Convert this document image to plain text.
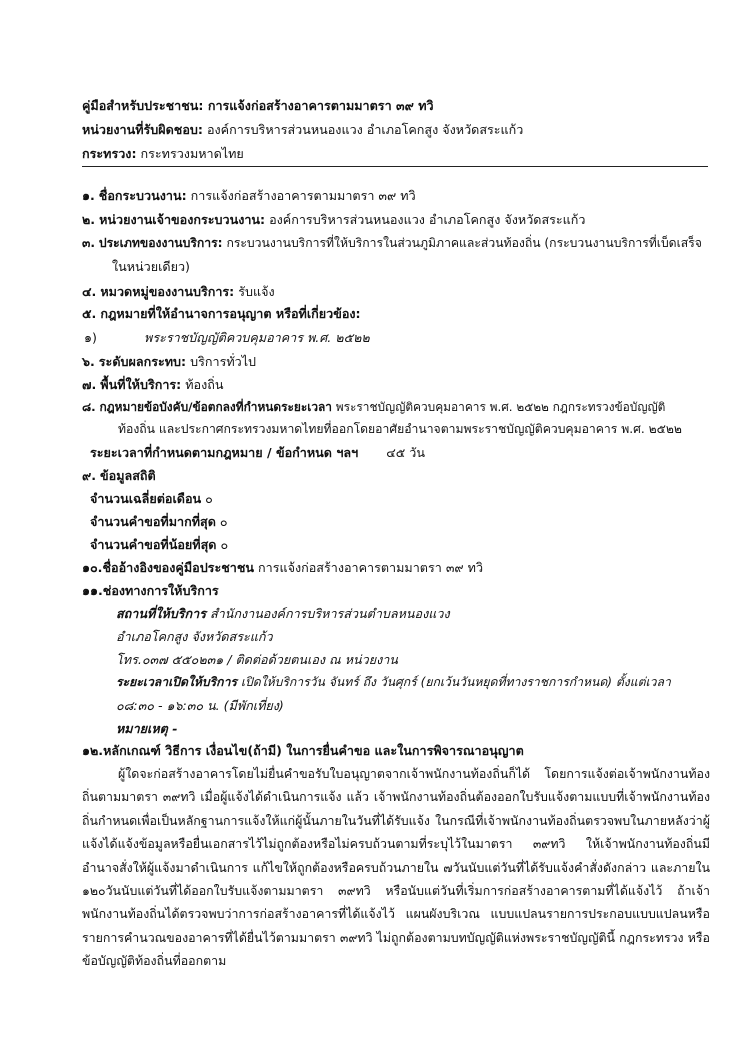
คู่มือสำหรับประชาชน: การแจ้งก่อสร้างอาคารตามมาตรา ๓๙ ทวิ
หน่วยงานที่รับผิดชอบ: องค์การบริหารส่วนหนองแวง อำเภอโคกสูง จังหวัดสระแก้ว
กระทรวง: กระทรวงมหาดไทย
๑. ชื่อกระบวนงาน: การแจ้งก่อสร้างอาคารตามมาตรา ๓๙ ทวิ
๒. หน่วยงานเจ้าของกระบวนงาน: องค์การบริหารส่วนหนองแวง อำเภอโคกสูง จังหวัดสระแก้ว
๓. ประเภทของงานบริการ: กระบวนงานบริการที่ให้บริการในส่วนภูมิภาคและส่วนท้องถิ่น (กระบวนงานบริการที่เบ็ดเสร็จ
ในหน่วยเดียว)
๔. หมวดหมู่ของงานบริการ: รับแจ้ง
๕. กฎหมายที่ให้อำนาจการอนุญาต หรือที่เกี่ยวข้อง:
๑)	พระราชบัญญัติควบคุมอาคาร พ.ศ. ๒๕๒๒
๖. ระดับผลกระทบ: บริการทั่วไป
๗. พื้นที่ให้บริการ: ท้องถิ่น
๘. กฎหมายข้อบังคับ/ข้อตกลงที่กำหนดระยะเวลา พระราชบัญญัติควบคุมอาคาร พ.ศ. ๒๕๒๒ กฎกระทรวงข้อบัญญัติ
ท้องถิ่น และประกาศกระทรวงมหาดไทยที่ออกโดยอาศัยอำนาจตามพระราชบัญญัติควบคุมอาคาร พ.ศ. ๒๕๒๒
ระยะเวลาที่กำหนดตามกฎหมาย / ข้อกำหนด ฯลฯ ๔๕ วัน
๙. ข้อมูลสถิติ
จำนวนเฉลี่ยต่อเดือน ๐
จำนวนคำขอที่มากที่สุด ๐
จำนวนคำขอที่น้อยที่สุด ๐
๑๐.ชื่ออ้างอิงของคู่มือประชาชน การแจ้งก่อสร้างอาคารตามมาตรา ๓๙ ทวิ
๑๑.ช่องทางการให้บริการ
สถานที่ให้บริการ สำนักงานองค์การบริหารส่วนตำบลหนองแวง
อำเภอโคกสูง จังหวัดสระแก้ว
โทร.๐๓๗ ๕๕๐๒๓๑ / ติดต่อด้วยตนเอง ณ หน่วยงาน
ระยะเวลาเปิดให้บริการ เปิดให้บริการวัน จันทร์ ถึง วันศุกร์ (ยกเว้นวันหยุดที่ทางราชการกำหนด) ตั้งแต่เวลา
๐๘:๓๐ - ๑๖:๓๐ น. (มีพักเที่ยง)
หมายเหตุ -
๑๒.หลักเกณฑ์ วิธีการ เงื่อนไข(ถ้ามี) ในการยื่นคำขอ และในการพิจารณาอนุญาต
ผู้ใดจะก่อสร้างอาคารโดยไม่ยื่นคำขอรับใบอนุญาตจากเจ้าพนักงานท้องถิ่นก็ได้ โดยการแจ้งต่อเจ้าพนักงานท้องถิ่นตามมาตรา ๓๙ทวิ เมื่อผู้แจ้งได้ดำเนินการแจ้ง แล้ว เจ้าพนักงานท้องถิ่นต้องออกใบรับแจ้งตามแบบที่เจ้าพนักงานท้องถิ่นกำหนดเพื่อเป็นหลักฐานการแจ้งให้แก่ผู้นั้นภายในวันที่ได้รับแจ้ง ในกรณีที่เจ้าพนักงานท้องถิ่นตรวจพบในภายหลังว่าผู้แจ้งได้แจ้งข้อมูลหรือยื่นเอกสารไว้ไม่ถูกต้องหรือไม่ครบถ้วนตามที่ระบุไว้ในมาตรา ๓๙ทวิ ให้เจ้าพนักงานท้องถิ่นมีอำนาจสั่งให้ผู้แจ้งมาดำเนินการ แก้ไขให้ถูกต้องหรือครบถ้วนภายใน ๗วันนับแต่วันที่ได้รับแจ้งคำสั่งดังกล่าว และภายใน ๑๒๐วันนับแต่วันที่ได้ออกใบรับแจ้งตามมาตรา ๓๙ทวิ หรือนับแต่วันที่เริ่มการก่อสร้างอาคารตามที่ได้แจ้งไว้ ถ้าเจ้าพนักงานท้องถิ่นได้ตรวจพบว่าการก่อสร้างอาคารที่ได้แจ้งไว้ แผนผังบริเวณ แบบแปลนรายการประกอบแบบแปลนหรือรายการคำนวณของอาคารที่ได้ยื่นไว้ตามมาตรา ๓๙ทวิ ไม่ถูกต้องตามบทบัญญัติแห่งพระราชบัญญัตินี้ กฎกระทรวง หรือข้อบัญญัติท้องถิ่นที่ออกตาม
